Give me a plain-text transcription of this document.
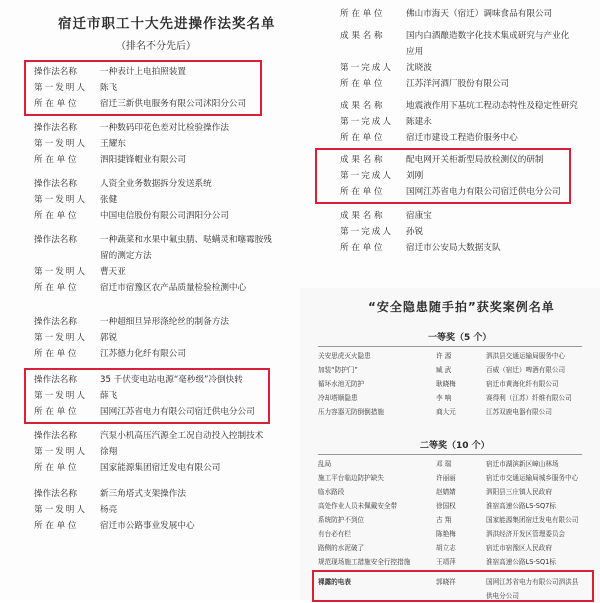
宿迁市职工十大先进操作法奖名单
（排名不分先后）
操作法名称	一种表计上电拍照装置
第一发明人	陈飞
所 在 单 位	宿迁三新供电服务有限公司沭阳分公司
操作法名称	一种数码印花色差对比检验操作法
第一发明人	王耀东
所 在 单 位	泗阳捷锋帽业有限公司
操作法名称	人资全业务数据拆分发送系统
第一发明人	张健
所 在 单 位	中国电信股份有限公司泗阳分公司
操作法名称	一种蔬菜和水果中氟虫腈、哒螨灵和噻霉胺残
留的测定方法
第一发明人	曹天亚
所 在 单 位	宿迁市宿豫区农产品质量检验检测中心
操作法名称	一种超细旦异形涤纶丝的制备方法
第一发明人	郭锐
所 在 单 位	江苏德力化纤有限公司
操作法名称	35 千伏变电站电源“毫秒级”冷倒快转
第一发明人	薛飞
所 在 单 位	国网江苏省电力有限公司宿迁供电分公司
操作法名称	汽泵小机高压汽源全工况自动投入控制技术
第一发明人	徐翔
所 在 单 位	国家能源集团宿迁发电有限公司
操作法名称	新三角塔式支架操作法
第一发明人	杨亮
所 在 单 位	宿迁市公路事业发展中心
所 在 单 位	佛山市海天（宿迁）调味食品有限公司
成 果 名 称	国内白酒酿造数字化技术集成研究与产业化
应用
第一完成人	沈晓波
所 在 单 位	江苏洋河酒厂股份有限公司
成 果 名 称	地震液作用下基坑工程动态特性及稳定性研究
第一完成人	陈建永
所 在 单 位	宿迁市建设工程造价服务中心
成 果 名 称	配电网开关柜新型局放检测仪的研制
第一完成人	刘刚
所 在 单 位	国网江苏省电力有限公司宿迁供电分公司
成 果 名 称	宿康宝
第一完成人	孙锐
所 在 单 位	宿迁市公安局大数据支队
“安全隐患随手拍”获奖案例名单
一等奖（5 个）
关安思虎灭火隐患	许 源	泗洪县交通运输局服务中心
加装“防护门”	臧 武	百威（宿迁）啤酒有限公司
循环水池无防护	耿晓梅	宿迁市黄海化纤有限公司
冷却塔顺隐患	李 响	赛得利（江苏）纤维有限公司
压力容器无防倒倒措施	商大元	江苏双鹿电器有限公司
二等奖（10 个）
乱局	邓 瑞	宿迁市湖滨新区嶂山林场
施工平台临边防护缺失	许丽丽	宿迁市交通运输局城乡服务中心
临水路段	赵婧婧	泗阳县三庄镇人民政府
高处作业人员未佩戴安全带	徐国权	淮宿高速公路LS-SQ7标
系统防护不到位	古 翔	国家能源集团宿迁发电有限公司
有台必有栏	陈艳梅	泗洪经济开发区管理委员会
路侧的水泥破了	胡立志	宿迁市宿豫区人民政府
规范现场施工措施安全行控措施	王靖萍	淮宿高速公路LS-SQ1标
裸露的电表	郭晓祥	国网江苏省电力有限公司泗洪县
供电分公司
